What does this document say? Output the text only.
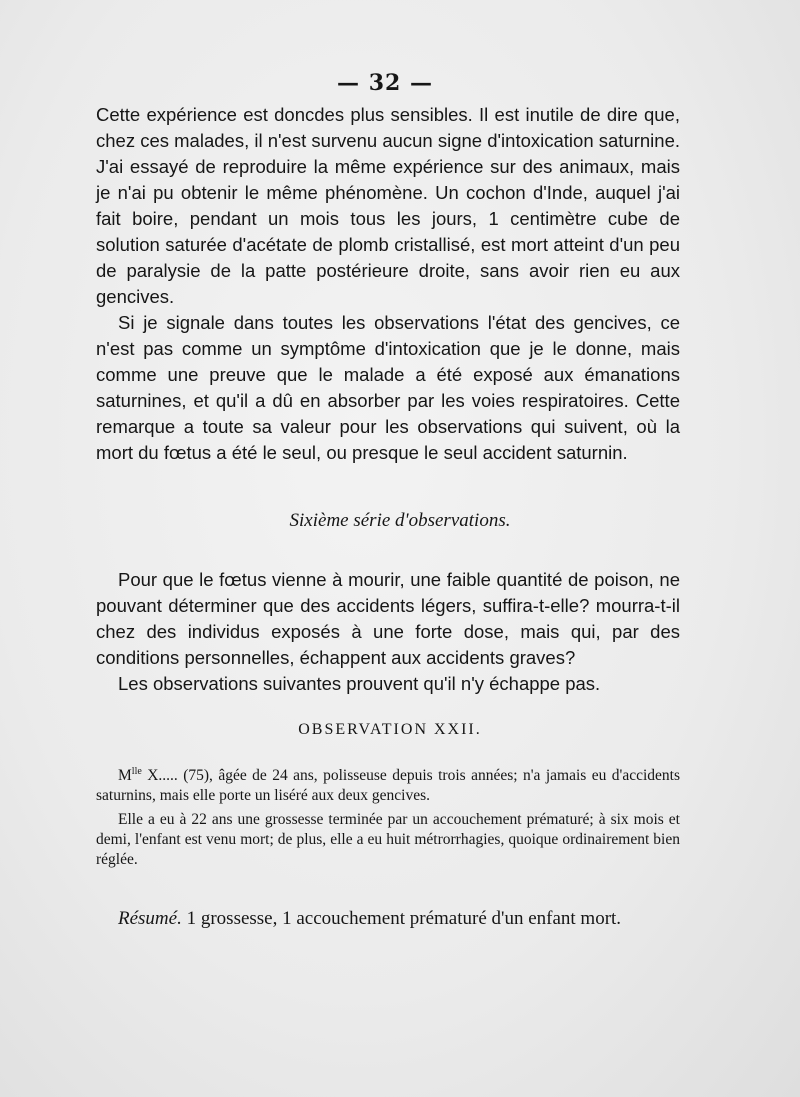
— 32 —

Cette expérience est doncdes plus sensibles. Il est inutile de dire que, chez ces malades, il n'est survenu aucun signe d'intoxication saturnine. J'ai essayé de reproduire la même expérience sur des animaux, mais je n'ai pu obtenir le même phénomène. Un cochon d'Inde, auquel j'ai fait boire, pendant un mois tous les jours, 1 centimètre cube de solution saturée d'acétate de plomb cristallisé, est mort atteint d'un peu de paralysie de la patte postérieure droite, sans avoir rien eu aux gencives.

Si je signale dans toutes les observations l'état des gencives, ce n'est pas comme un symptôme d'intoxication que je le donne, mais comme une preuve que le malade a été exposé aux émanations saturnines, et qu'il a dû en absorber par les voies respiratoires. Cette remarque a toute sa valeur pour les observations qui suivent, où la mort du fœtus a été le seul, ou presque le seul accident saturnin.

Sixième série d'observations.

Pour que le fœtus vienne à mourir, une faible quantité de poison, ne pouvant déterminer que des accidents légers, suffira-t-elle? mourra-t-il chez des individus exposés à une forte dose, mais qui, par des conditions personnelles, échappent aux accidents graves?

Les observations suivantes prouvent qu'il n'y échappe pas.

OBSERVATION XXII.

$M^{lle}$ X..... (75), âgée de 24 ans, polisseuse depuis trois années; n'a jamais eu d'accidents saturnins, mais elle porte un liséré aux deux gencives.

Elle a eu à 22 ans une grossesse terminée par un accouchement prématuré; à six mois et demi, l'enfant est venu mort; de plus, elle a eu huit métrorrhagies, quoique ordinairement bien réglée.

Résumé. 1 grossesse, 1 accouchement prématuré d'un enfant mort.
